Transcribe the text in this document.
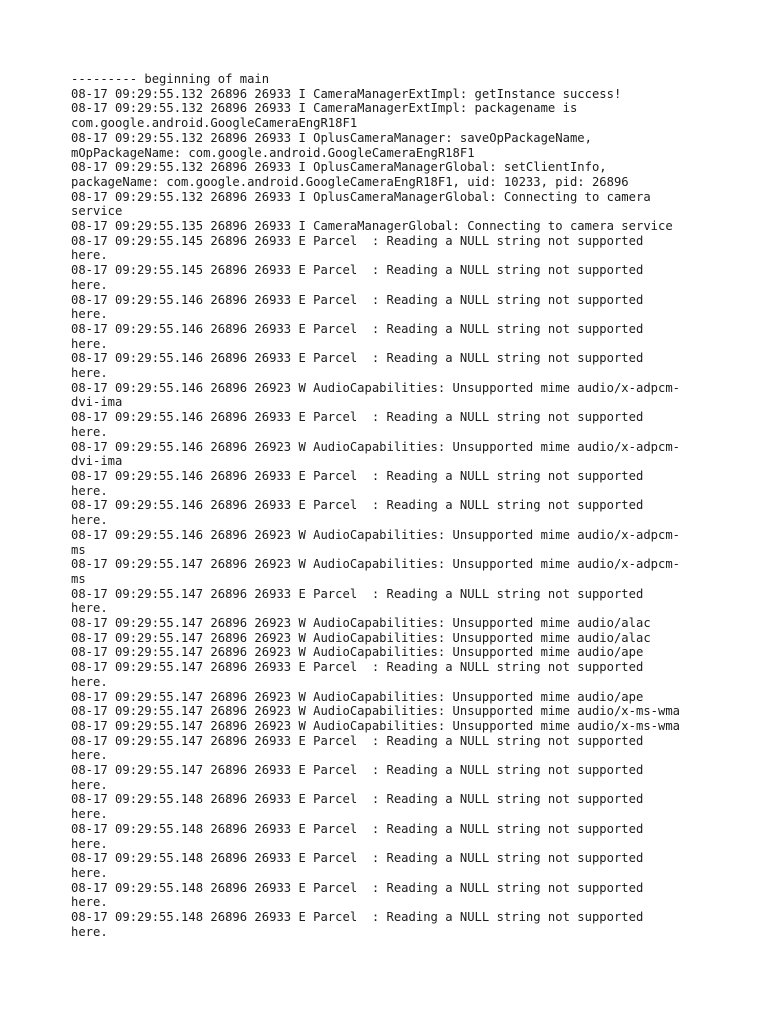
--------- beginning of main
08-17 09:29:55.132 26896 26933 I CameraManagerExtImpl: getInstance success!
08-17 09:29:55.132 26896 26933 I CameraManagerExtImpl: packagename is
com.google.android.GoogleCameraEngR18F1
08-17 09:29:55.132 26896 26933 I OplusCameraManager: saveOpPackageName,
mOpPackageName: com.google.android.GoogleCameraEngR18F1
08-17 09:29:55.132 26896 26933 I OplusCameraManagerGlobal: setClientInfo,
packageName: com.google.android.GoogleCameraEngR18F1, uid: 10233, pid: 26896
08-17 09:29:55.132 26896 26933 I OplusCameraManagerGlobal: Connecting to camera
service
08-17 09:29:55.135 26896 26933 I CameraManagerGlobal: Connecting to camera service
08-17 09:29:55.145 26896 26933 E Parcel  : Reading a NULL string not supported
here.
08-17 09:29:55.145 26896 26933 E Parcel  : Reading a NULL string not supported
here.
08-17 09:29:55.146 26896 26933 E Parcel  : Reading a NULL string not supported
here.
08-17 09:29:55.146 26896 26933 E Parcel  : Reading a NULL string not supported
here.
08-17 09:29:55.146 26896 26933 E Parcel  : Reading a NULL string not supported
here.
08-17 09:29:55.146 26896 26923 W AudioCapabilities: Unsupported mime audio/x-adpcm-
dvi-ima
08-17 09:29:55.146 26896 26933 E Parcel  : Reading a NULL string not supported
here.
08-17 09:29:55.146 26896 26923 W AudioCapabilities: Unsupported mime audio/x-adpcm-
dvi-ima
08-17 09:29:55.146 26896 26933 E Parcel  : Reading a NULL string not supported
here.
08-17 09:29:55.146 26896 26933 E Parcel  : Reading a NULL string not supported
here.
08-17 09:29:55.146 26896 26923 W AudioCapabilities: Unsupported mime audio/x-adpcm-
ms
08-17 09:29:55.147 26896 26923 W AudioCapabilities: Unsupported mime audio/x-adpcm-
ms
08-17 09:29:55.147 26896 26933 E Parcel  : Reading a NULL string not supported
here.
08-17 09:29:55.147 26896 26923 W AudioCapabilities: Unsupported mime audio/alac
08-17 09:29:55.147 26896 26923 W AudioCapabilities: Unsupported mime audio/alac
08-17 09:29:55.147 26896 26923 W AudioCapabilities: Unsupported mime audio/ape
08-17 09:29:55.147 26896 26933 E Parcel  : Reading a NULL string not supported
here.
08-17 09:29:55.147 26896 26923 W AudioCapabilities: Unsupported mime audio/ape
08-17 09:29:55.147 26896 26923 W AudioCapabilities: Unsupported mime audio/x-ms-wma
08-17 09:29:55.147 26896 26923 W AudioCapabilities: Unsupported mime audio/x-ms-wma
08-17 09:29:55.147 26896 26933 E Parcel  : Reading a NULL string not supported
here.
08-17 09:29:55.147 26896 26933 E Parcel  : Reading a NULL string not supported
here.
08-17 09:29:55.148 26896 26933 E Parcel  : Reading a NULL string not supported
here.
08-17 09:29:55.148 26896 26933 E Parcel  : Reading a NULL string not supported
here.
08-17 09:29:55.148 26896 26933 E Parcel  : Reading a NULL string not supported
here.
08-17 09:29:55.148 26896 26933 E Parcel  : Reading a NULL string not supported
here.
08-17 09:29:55.148 26896 26933 E Parcel  : Reading a NULL string not supported
here.
